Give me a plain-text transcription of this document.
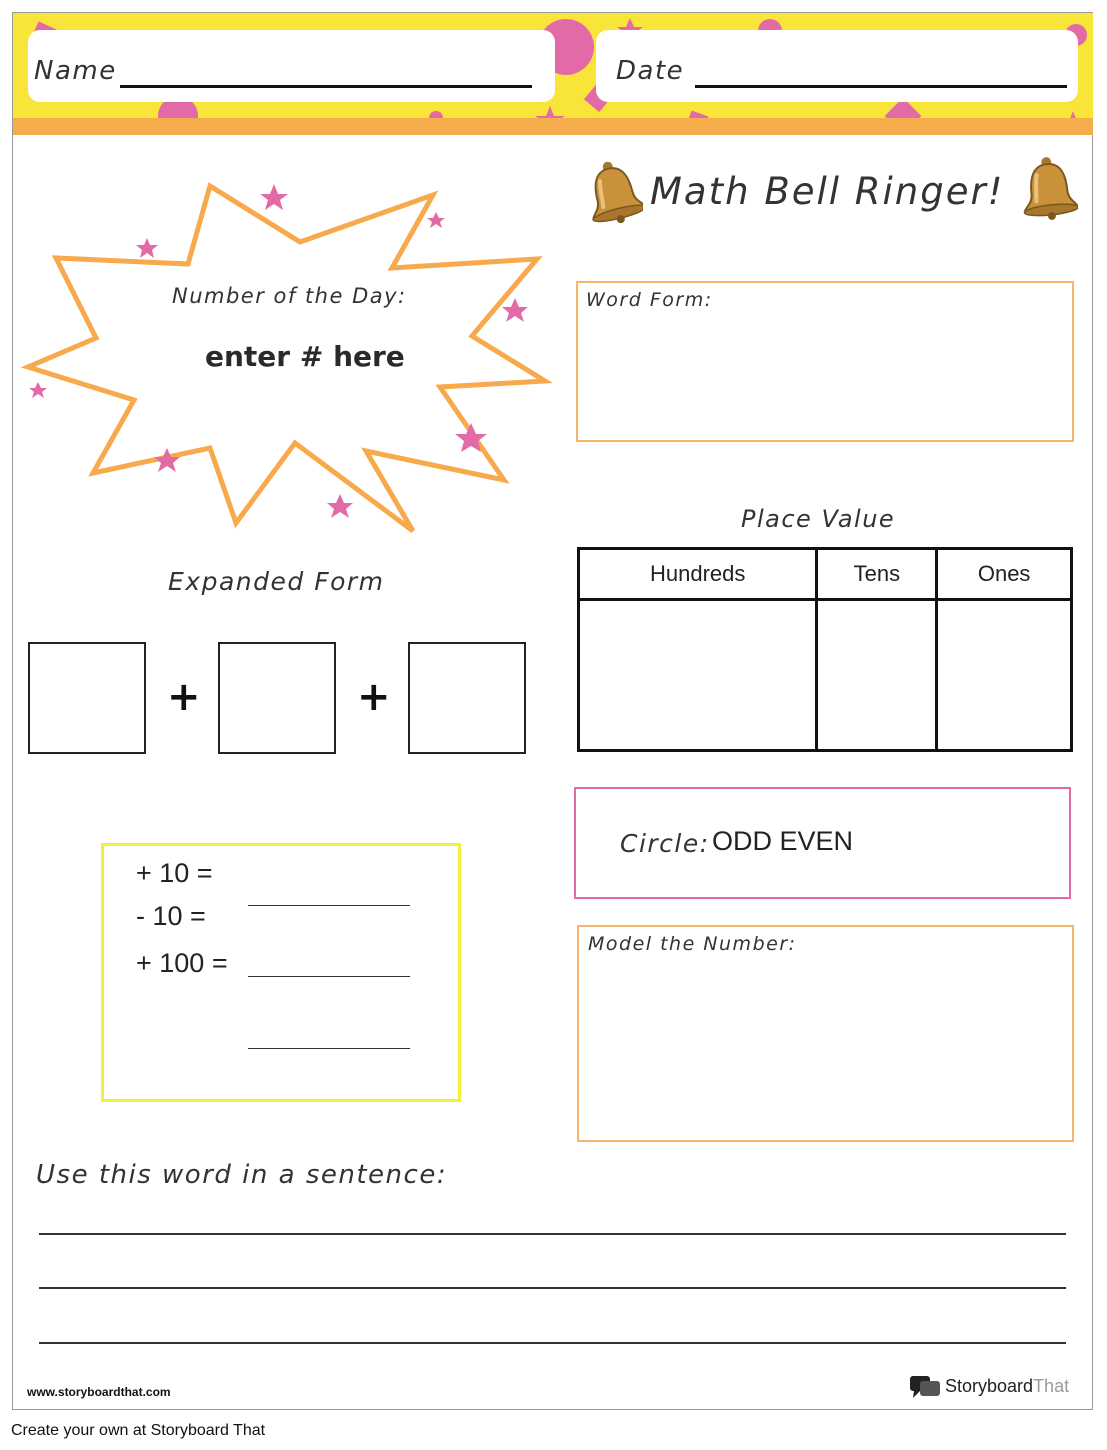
Name	Date
Math Bell Ringer!
Number of the Day:
enter # here
Word Form:
Place Value
Hundreds	Tens	Ones

Expanded Form
+	+
+ 10 =
- 10 =
+ 100 =
Circle: ODD EVEN
Model the Number:
Use this word in a sentence:
www.storyboardthat.com	StoryboardThat
Create your own at Storyboard That
